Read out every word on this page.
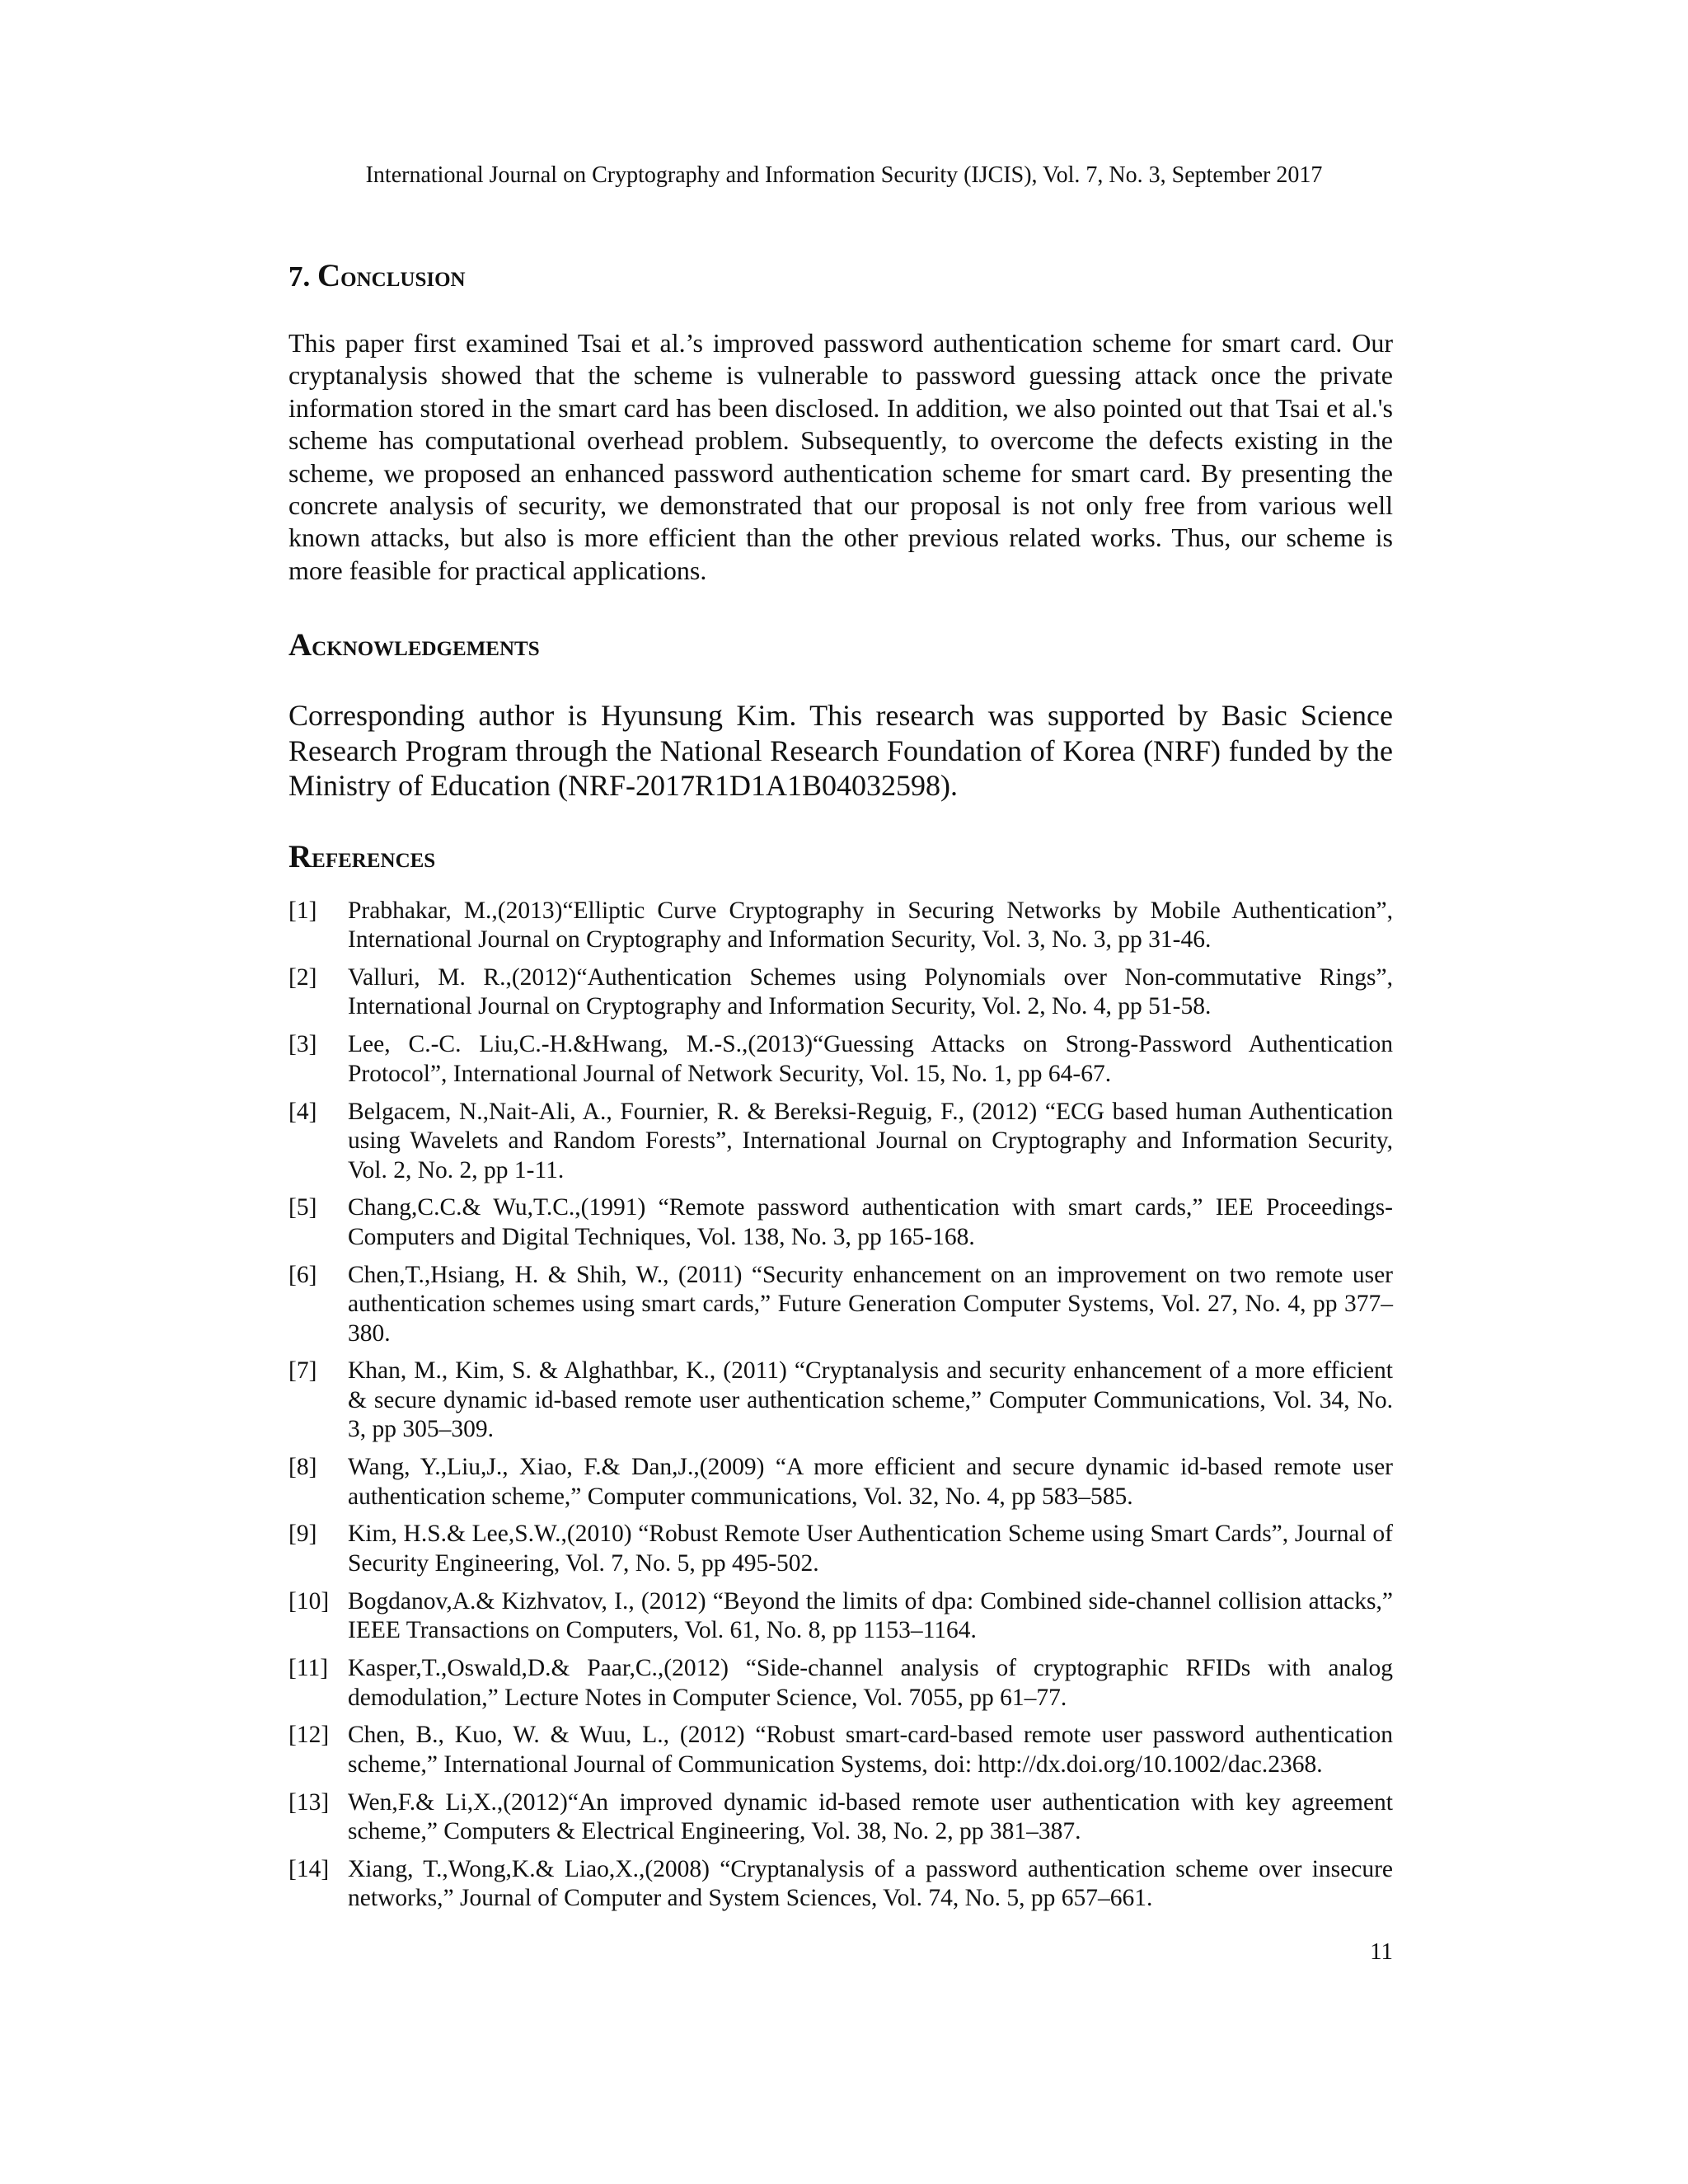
International Journal on Cryptography and Information Security (IJCIS), Vol. 7, No. 3, September 2017
7. Conclusion

This paper first examined Tsai et al.’s improved password authentication scheme for smart card. Our cryptanalysis showed that the scheme is vulnerable to password guessing attack once the private information stored in the smart card has been disclosed. In addition, we also pointed out that Tsai et al.'s scheme has computational overhead problem. Subsequently, to overcome the defects existing in the scheme, we proposed an enhanced password authentication scheme for smart card. By presenting the concrete analysis of security, we demonstrated that our proposal is not only free from various well known attacks, but also is more efficient than the other previous related works. Thus, our scheme is more feasible for practical applications.

Acknowledgements

Corresponding author is Hyunsung Kim. This research was supported by Basic Science Research Program through the National Research Foundation of Korea (NRF) funded by the Ministry of Education (NRF-2017R1D1A1B04032598).

References
[1]	Prabhakar, M.,(2013)“Elliptic Curve Cryptography in Securing Networks by Mobile Authentication”, International Journal on Cryptography and Information Security, Vol. 3, No. 3, pp 31-46.
[2]	Valluri, M. R.,(2012)“Authentication Schemes using Polynomials over Non-commutative Rings”, International Journal on Cryptography and Information Security, Vol. 2, No. 4, pp 51-58.
[3]	Lee, C.-C. Liu,C.-H.&Hwang, M.-S.,(2013)“Guessing Attacks on Strong-Password Authentication Protocol”, International Journal of Network Security, Vol. 15, No. 1, pp 64-67.
[4]	Belgacem, N.,Nait-Ali, A., Fournier, R. & Bereksi-Reguig, F., (2012) “ECG based human Authentication using Wavelets and Random Forests”, International Journal on Cryptography and Information Security, Vol. 2, No. 2, pp 1-11.
[5]	Chang,C.C.& Wu,T.C.,(1991) “Remote password authentication with smart cards,” IEE Proceedings-Computers and Digital Techniques, Vol. 138, No. 3, pp 165-168.
[6]	Chen,T.,Hsiang, H. & Shih, W., (2011) “Security enhancement on an improvement on two remote user authentication schemes using smart cards,” Future Generation Computer Systems, Vol. 27, No. 4, pp 377–380.
[7]	Khan, M., Kim, S. & Alghathbar, K., (2011) “Cryptanalysis and security enhancement of a more efficient & secure dynamic id-based remote user authentication scheme,” Computer Communications, Vol. 34, No. 3, pp 305–309.
[8]	Wang, Y.,Liu,J., Xiao, F.& Dan,J.,(2009) “A more efficient and secure dynamic id-based remote user authentication scheme,” Computer communications, Vol. 32, No. 4, pp 583–585.
[9]	Kim, H.S.& Lee,S.W.,(2010) “Robust Remote User Authentication Scheme using Smart Cards”, Journal of Security Engineering, Vol. 7, No. 5, pp 495-502.
[10] Bogdanov,A.& Kizhvatov, I., (2012) “Beyond the limits of dpa: Combined side-channel collision attacks,” IEEE Transactions on Computers, Vol. 61, No. 8, pp 1153–1164.
[11] Kasper,T.,Oswald,D.& Paar,C.,(2012) “Side-channel analysis of cryptographic RFIDs with analog demodulation,” Lecture Notes in Computer Science, Vol. 7055, pp 61–77.
[12] Chen, B., Kuo, W. & Wuu, L., (2012) “Robust smart-card-based remote user password authentication scheme,” International Journal of Communication Systems, doi: http://dx.doi.org/10.1002/dac.2368.
[13] Wen,F.& Li,X.,(2012)“An improved dynamic id-based remote user authentication with key agreement scheme,” Computers & Electrical Engineering, Vol. 38, No. 2, pp 381–387.
[14] Xiang, T.,Wong,K.& Liao,X.,(2008) “Cryptanalysis of a password authentication scheme over insecure networks,” Journal of Computer and System Sciences, Vol. 74, No. 5, pp 657–661.
11
